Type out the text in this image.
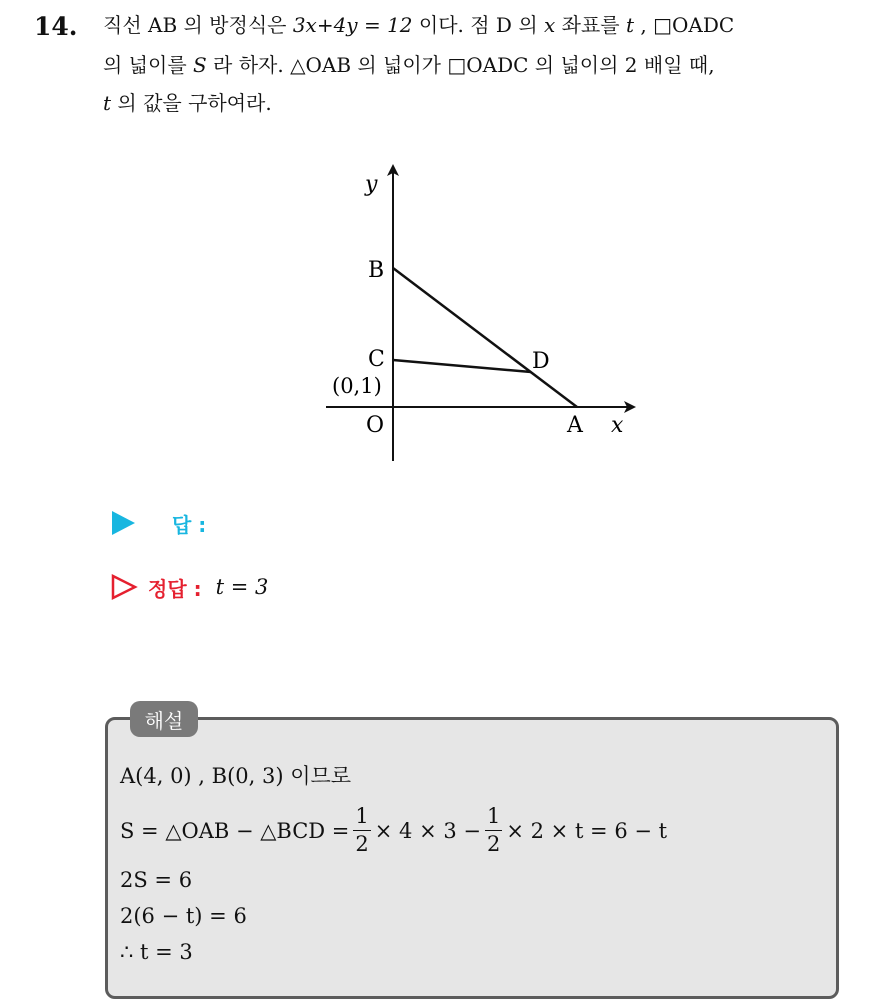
14. 직선 AB 의 방정식은 3x+4y = 12 이다. 점 D 의 x 좌표를 t , □OADC
의 넓이를 S 라 하자. △OAB 의 넓이가 □OADC 의 넓이의 2 배일 때,
t 의 값을 구하여라.
y
x
B
C	D
A
O
(0,1)
답 :
정답 : t = 3
해설
A(4, 0) , B(0, 3) 이므로
S = △OAB − △BCD = $\frac{1}{2} \times 4 \times 3 - \frac{1}{2} \times 2 \times t = 6 - t$
2S = 6
2(6 − t) = 6
∴ t = 3
